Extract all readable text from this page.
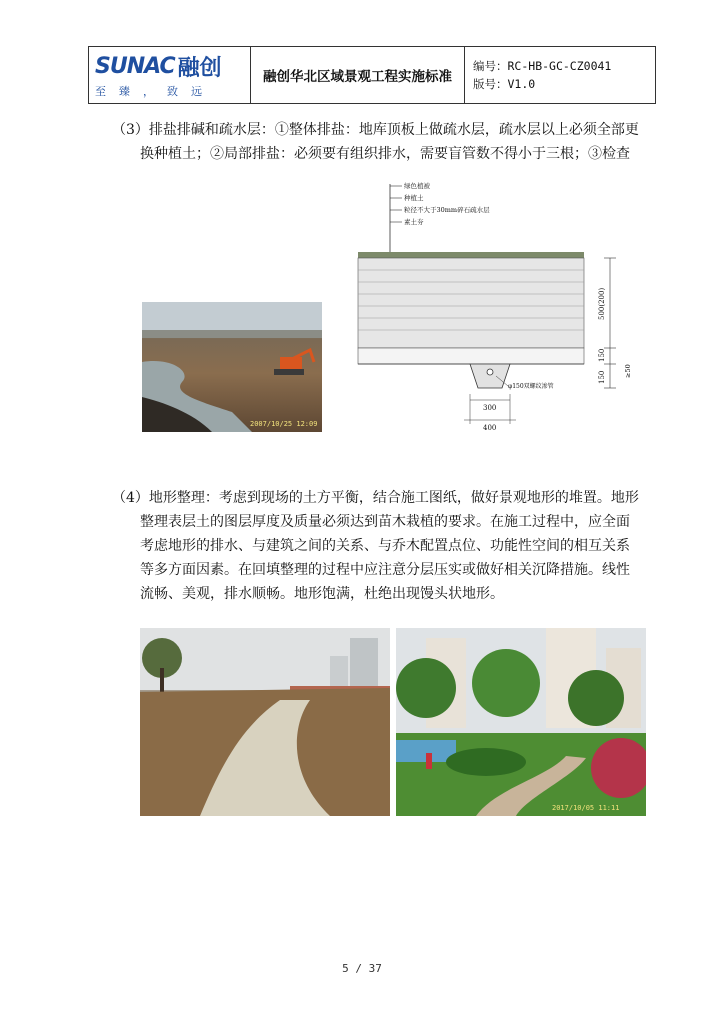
SUNAC 融创
至臻，致远
融创华北区域景观工程实施标准
编号：RC-HB-GC-CZ0041
版号：V1.0
（3）排盐排碱和疏水层：①整体排盐：地库顶板上做疏水层，疏水层以上必须全部更
换种植土；②局部排盐：必须要有组织排水，需要盲管数不得小于三根；③检查
2007/10/25 12:09
绿色植被
种植土
粒径不大于30mm碎石疏水层
素土夯
φ150双螺纹渗管
500(200)
150
150	≥50
300
400
（4）地形整理：考虑到现场的土方平衡，结合施工图纸，做好景观地形的堆置。地形
整理表层土的图层厚度及质量必须达到苗木栽植的要求。在施工过程中，应全面
考虑地形的排水、与建筑之间的关系、与乔木配置点位、功能性空间的相互关系
等多方面因素。在回填整理的过程中应注意分层压实或做好相关沉降措施。线性
流畅、美观，排水顺畅。地形饱满，杜绝出现馒头状地形。
2017/10/05 11:11
5 / 37
